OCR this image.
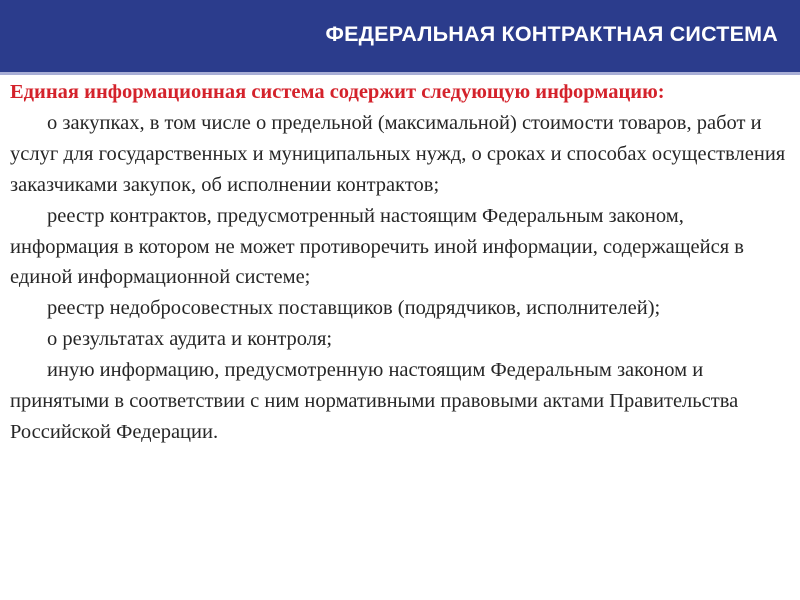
ФЕДЕРАЛЬНАЯ КОНТРАКТНАЯ СИСТЕМА

Единая информационная система содержит следующую информацию:

о закупках, в том числе о предельной (максимальной) стоимости товаров, работ и услуг для государственных и муниципальных нужд, о сроках и способах осуществления заказчиками закупок, об исполнении контрактов;

реестр контрактов, предусмотренный настоящим Федеральным законом, информация в котором не может противоречить иной информации, содержащейся в единой информационной системе;

реестр недобросовестных поставщиков (подрядчиков, исполнителей);

о результатах аудита и контроля;

иную информацию, предусмотренную настоящим Федеральным законом и принятыми в соответствии с ним нормативными правовыми актами Правительства Российской Федерации.
